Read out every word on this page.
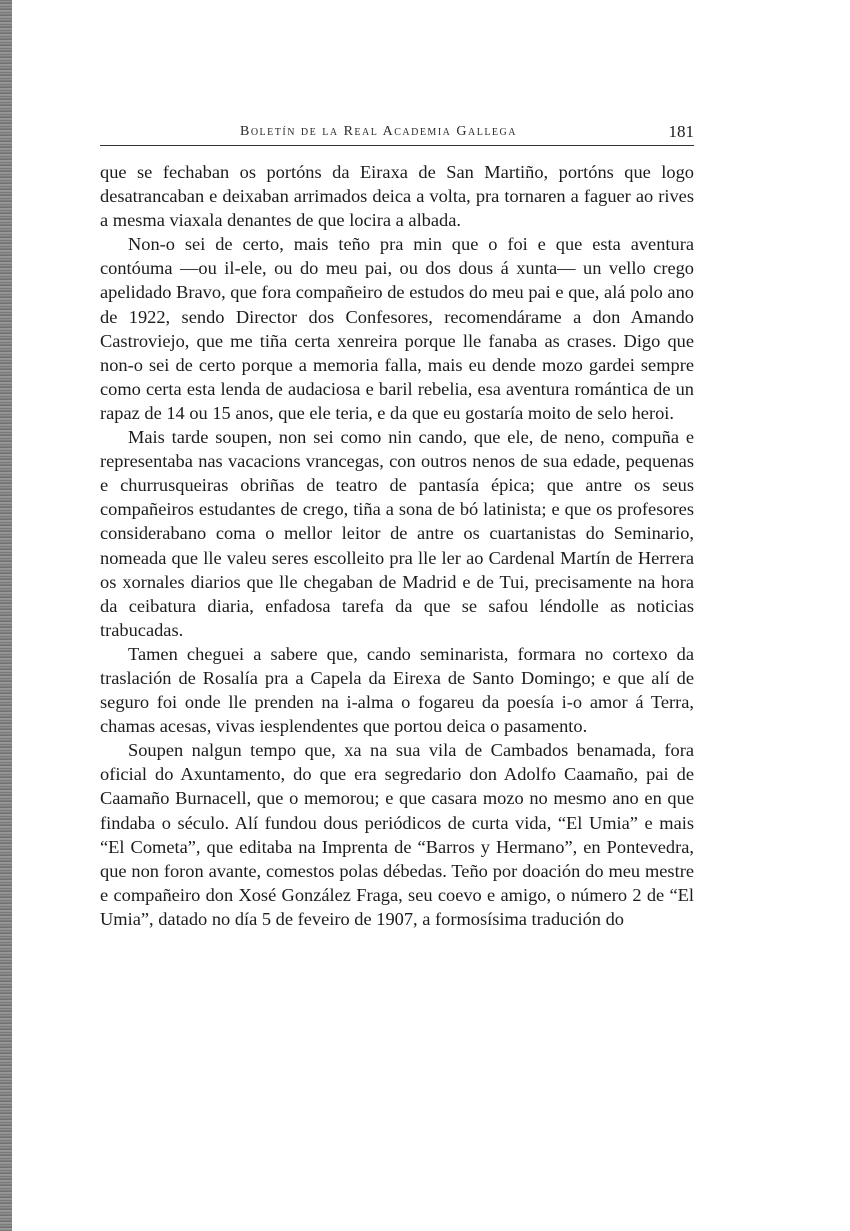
Boletín de la Real Academia Gallega	181

que se fechaban os portóns da Eiraxa de San Martiño, portóns que logo desatrancaban e deixaban arrimados deica a volta, pra tornaren a faguer ao rives a mesma viaxala denantes de que locira a albada.

Non-o sei de certo, mais teño pra min que o foi e que esta aventura contóuma —ou il-ele, ou do meu pai, ou dos dous á xunta— un vello crego apelidado Bravo, que fora compañeiro de estudos do meu pai e que, alá polo ano de 1922, sendo Director dos Confesores, recomendárame a don Amando Castroviejo, que me tiña certa xenreira porque lle fanaba as crases. Digo que non-o sei de certo porque a memoria falla, mais eu dende mozo gardei sempre como certa esta lenda de audaciosa e baril rebelia, esa aventura romántica de un rapaz de 14 ou 15 anos, que ele teria, e da que eu gostaría moito de selo heroi.

Mais tarde soupen, non sei como nin cando, que ele, de neno, compuña e representaba nas vacacions vrancegas, con outros nenos de sua edade, pequenas e churrusqueiras obriñas de teatro de pantasía épica; que antre os seus compañeiros estudantes de crego, tiña a sona de bó latinista; e que os profesores considerabano coma o mellor leitor de antre os cuartanistas do Seminario, nomeada que lle valeu seres escolleito pra lle ler ao Cardenal Martín de Herrera os xornales diarios que lle chegaban de Madrid e de Tui, precisamente na hora da ceibatura diaria, enfadosa tarefa da que se safou léndolle as noticias trabucadas.

Tamen cheguei a sabere que, cando seminarista, formara no cortexo da traslación de Rosalía pra a Capela da Eirexa de Santo Domingo; e que alí de seguro foi onde lle prenden na i-alma o fogareu da poesía i-o amor á Terra, chamas acesas, vivas iesplendentes que portou deica o pasamento.

Soupen nalgun tempo que, xa na sua vila de Cambados benamada, fora oficial do Axuntamento, do que era segredario don Adolfo Caamaño, pai de Caamaño Burnacell, que o memorou; e que casara mozo no mesmo ano en que findaba o século. Alí fundou dous periódicos de curta vida, “El Umia” e mais “El Cometa”, que editaba na Imprenta de “Barros y Hermano”, en Pontevedra, que non foron avante, comestos polas débedas. Teño por doación do meu mestre e compañeiro don Xosé González Fraga, seu coevo e amigo, o número 2 de “El Umia”, datado no día 5 de feveiro de 1907, a formosísima tradución do
